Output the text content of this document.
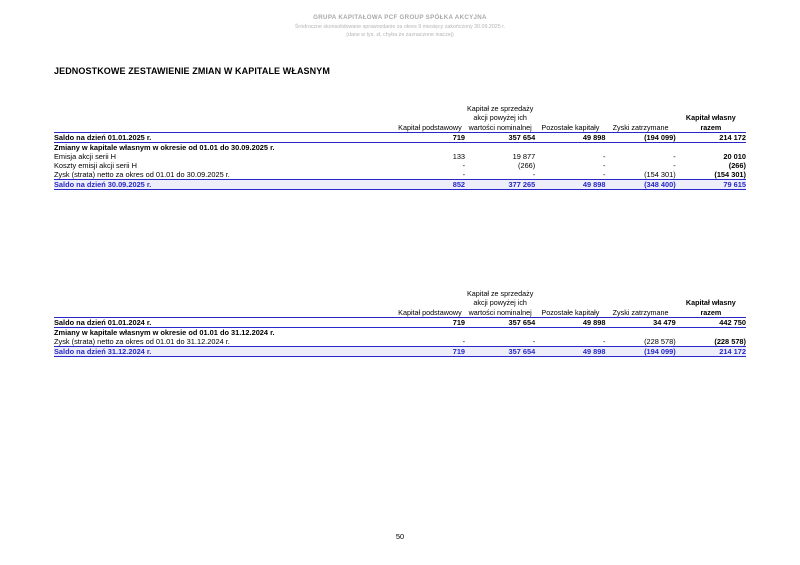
GRUPA KAPITAŁOWA PCF GROUP SPÓŁKA AKCYJNA
Śródroczne skonsolidowane sprawozdanie za okres 9 miesięcy zakończony 30.09.2025 r.
(dane w tys. zł, chyba że zaznaczone inaczej)
JEDNOSTKOWE ZESTAWIENIE ZMIAN W KAPITALE WŁASNYM
	Kapitał podstawowy	Kapitał ze sprzedaży akcji powyżej ich wartości nominalnej	Pozostałe kapitały	Zyski zatrzymane	Kapitał własny razem
Saldo na dzień 01.01.2025 r.	719	357 654	49 898	(194 099)	214 172
Zmiany w kapitale własnym w okresie od 01.01 do 30.09.2025 r.					
Emisja akcji serii H	133	19 877	-	-	20 010
Koszty emisji akcji serii H	-	(266)	-	-	(266)
Zysk (strata) netto za okres od 01.01 do 30.09.2025 r.	-	-	-	(154 301)	(154 301)
Saldo na dzień 30.09.2025 r.	852	377 265	49 898	(348 400)	79 615
	Kapitał podstawowy	Kapitał ze sprzedaży akcji powyżej ich wartości nominalnej	Pozostałe kapitały	Zyski zatrzymane	Kapitał własny razem
Saldo na dzień 01.01.2024 r.	719	357 654	49 898	34 479	442 750
Zmiany w kapitale własnym w okresie od 01.01 do 31.12.2024 r.					
Zysk (strata) netto za okres od 01.01 do 31.12.2024 r.	-	-	-	(228 578)	(228 578)
Saldo na dzień 31.12.2024 r.	719	357 654	49 898	(194 099)	214 172
50
